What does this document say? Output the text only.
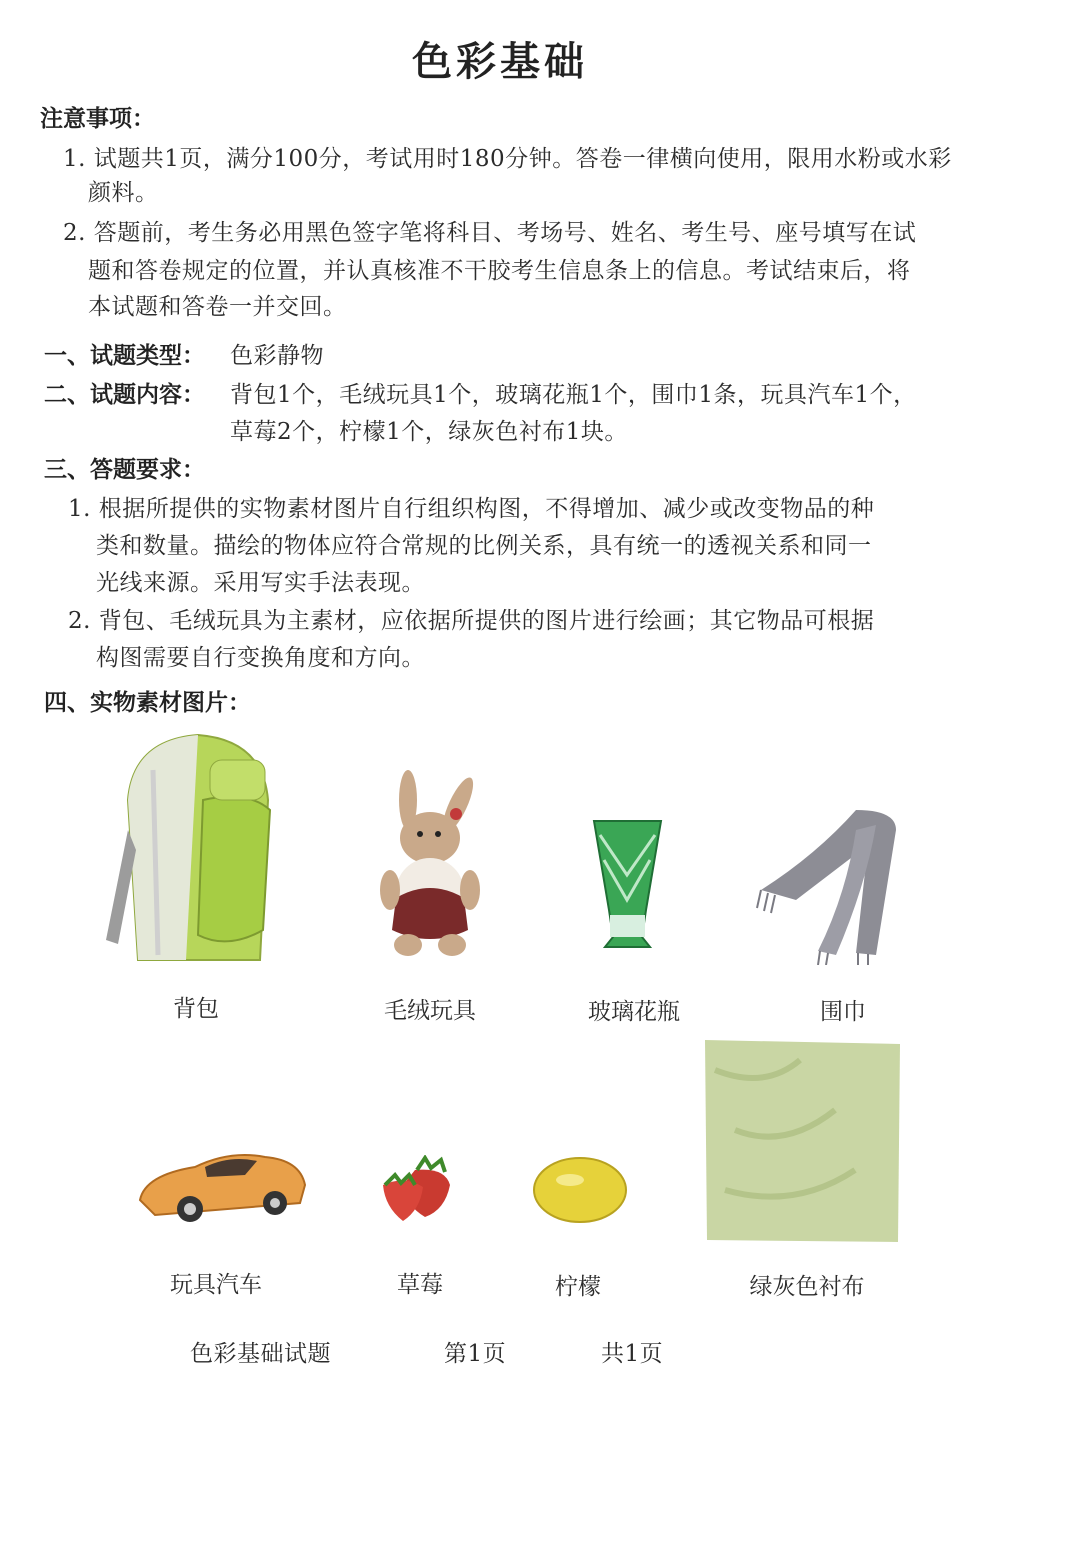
色彩基础
注意事项：
1. 试题共1页，满分100分，考试用时180分钟。答卷一律横向使用，限用水粉或水彩
颜料。
2. 答题前，考生务必用黑色签字笔将科目、考场号、姓名、考生号、座号填写在试
题和答卷规定的位置，并认真核准不干胶考生信息条上的信息。考试结束后，将
本试题和答卷一并交回。
一、试题类型： 色彩静物
二、试题内容： 背包1个，毛绒玩具1个，玻璃花瓶1个，围巾1条，玩具汽车1个，
草莓2个，柠檬1个，绿灰色衬布1块。
三、答题要求：
1. 根据所提供的实物素材图片自行组织构图，不得增加、减少或改变物品的种
类和数量。描绘的物体应符合常规的比例关系，具有统一的透视关系和同一
光线来源。采用写实手法表现。
2. 背包、毛绒玩具为主素材，应依据所提供的图片进行绘画；其它物品可根据
构图需要自行变换角度和方向。
四、实物素材图片：
背包	毛绒玩具	玻璃花瓶	围巾
玩具汽车	草莓	柠檬	绿灰色衬布
色彩基础试题	第1页	共1页
